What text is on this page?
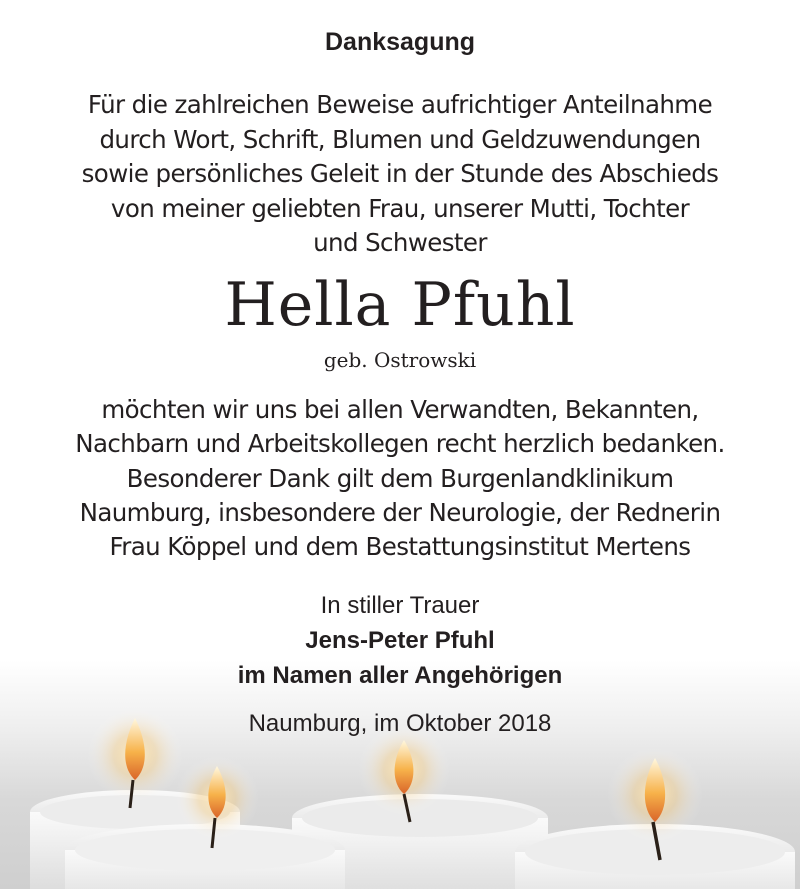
Danksagung
Für die zahlreichen Beweise aufrichtiger Anteilnahme
durch Wort, Schrift, Blumen und Geldzuwendungen
sowie persönliches Geleit in der Stunde des Abschieds
von meiner geliebten Frau, unserer Mutti, Tochter
und Schwester
Hella Pfuhl
geb. Ostrowski
möchten wir uns bei allen Verwandten, Bekannten,
Nachbarn und Arbeitskollegen recht herzlich bedanken.
Besonderer Dank gilt dem Burgenlandklinikum
Naumburg, insbesondere der Neurologie, der Rednerin
Frau Köppel und dem Bestattungsinstitut Mertens
In stiller Trauer
Jens-Peter Pfuhl
im Namen aller Angehörigen
Naumburg, im Oktober 2018
